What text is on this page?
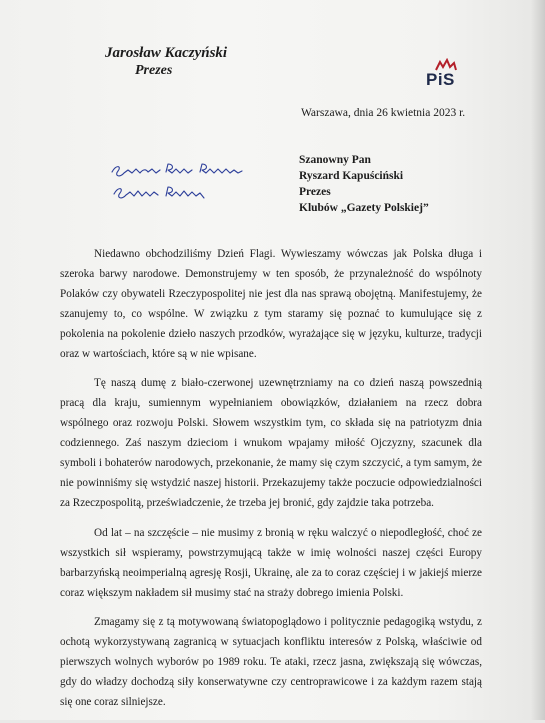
Jarosław Kaczyński
Prezes	PiS
Warszawa, dnia 26 kwietnia 2023 r.
Szanowny Pan
Ryszard Kapuściński
Prezes
Klubów „Gazety Polskiej”

Niedawno obchodziliśmy Dzień Flagi. Wywieszamy wówczas jak Polska długa i szeroka barwy narodowe. Demonstrujemy w ten sposób, że przynależność do wspólnoty Polaków czy obywateli Rzeczypospolitej nie jest dla nas sprawą obojętną. Manifestujemy, że szanujemy to, co wspólne. W związku z tym staramy się poznać to kumulujące się z pokolenia na pokolenie dzieło naszych przodków, wyrażające się w języku, kulturze, tradycji oraz w wartościach, które są w nie wpisane.

Tę naszą dumę z biało-czerwonej uzewnętrzniamy na co dzień naszą powszednią pracą dla kraju, sumiennym wypełnianiem obowiązków, działaniem na rzecz dobra wspólnego oraz rozwoju Polski. Słowem wszystkim tym, co składa się na patriotyzm dnia codziennego. Zaś naszym dzieciom i wnukom wpajamy miłość Ojczyzny, szacunek dla symboli i bohaterów narodowych, przekonanie, że mamy się czym szczycić, a tym samym, że nie powinniśmy się wstydzić naszej historii. Przekazujemy także poczucie odpowiedzialności za Rzeczpospolitą, przeświadczenie, że trzeba jej bronić, gdy zajdzie taka potrzeba.

Od lat – na szczęście – nie musimy z bronią w ręku walczyć o niepodległość, choć ze wszystkich sił wspieramy, powstrzymującą także w imię wolności naszej części Europy barbarzyńską neoimperialną agresję Rosji, Ukrainę, ale za to coraz częściej i w jakiejś mierze coraz większym nakładem sił musimy stać na straży dobrego imienia Polski.

Zmagamy się z tą motywowaną światopoglądowo i politycznie pedagogiką wstydu, z ochotą wykorzystywaną zagranicą w sytuacjach konfliktu interesów z Polską, właściwie od pierwszych wolnych wyborów po 1989 roku. Te ataki, rzecz jasna, zwiększają się wówczas, gdy do władzy dochodzą siły konserwatywne czy centroprawicowe i za każdym razem stają się one coraz silniejsze.
